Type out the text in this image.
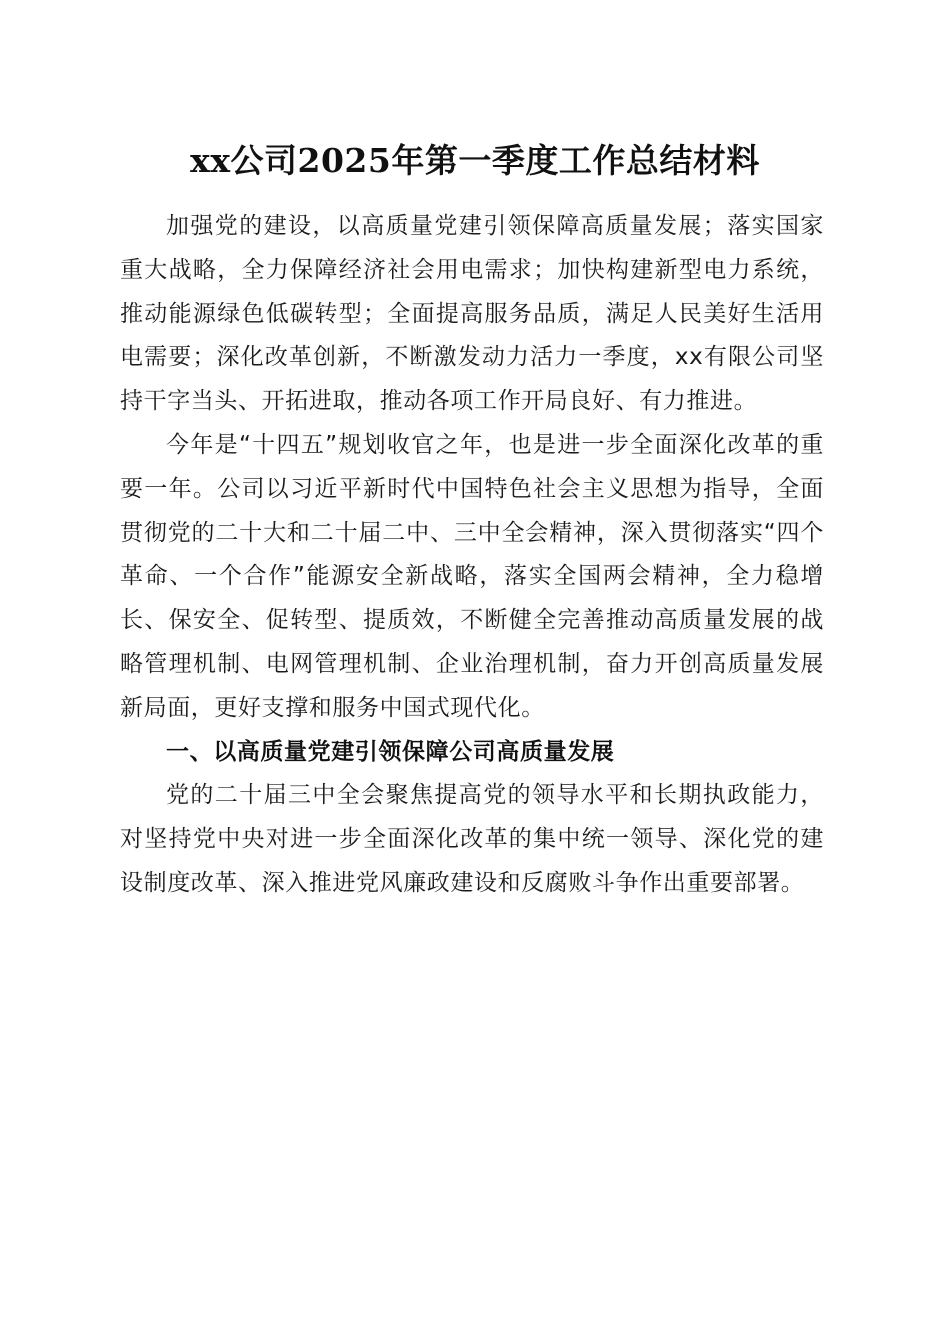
xx公司2025年第一季度工作总结材料

加强党的建设，以高质量党建引领保障高质量发展；落实国家重大战略，全力保障经济社会用电需求；加快构建新型电力系统，推动能源绿色低碳转型；全面提高服务品质，满足人民美好生活用电需要；深化改革创新，不断激发动力活力一季度，xx有限公司坚持干字当头、开拓进取，推动各项工作开局良好、有力推进。

今年是“十四五”规划收官之年，也是进一步全面深化改革的重要一年。公司以习近平新时代中国特色社会主义思想为指导，全面贯彻党的二十大和二十届二中、三中全会精神，深入贯彻落实“四个革命、一个合作”能源安全新战略，落实全国两会精神，全力稳增长、保安全、促转型、提质效，不断健全完善推动高质量发展的战略管理机制、电网管理机制、企业治理机制，奋力开创高质量发展新局面，更好支撑和服务中国式现代化。

一、以高质量党建引领保障公司高质量发展

党的二十届三中全会聚焦提高党的领导水平和长期执政能力，对坚持党中央对进一步全面深化改革的集中统一领导、深化党的建设制度改革、深入推进党风廉政建设和反腐败斗争作出重要部署。
